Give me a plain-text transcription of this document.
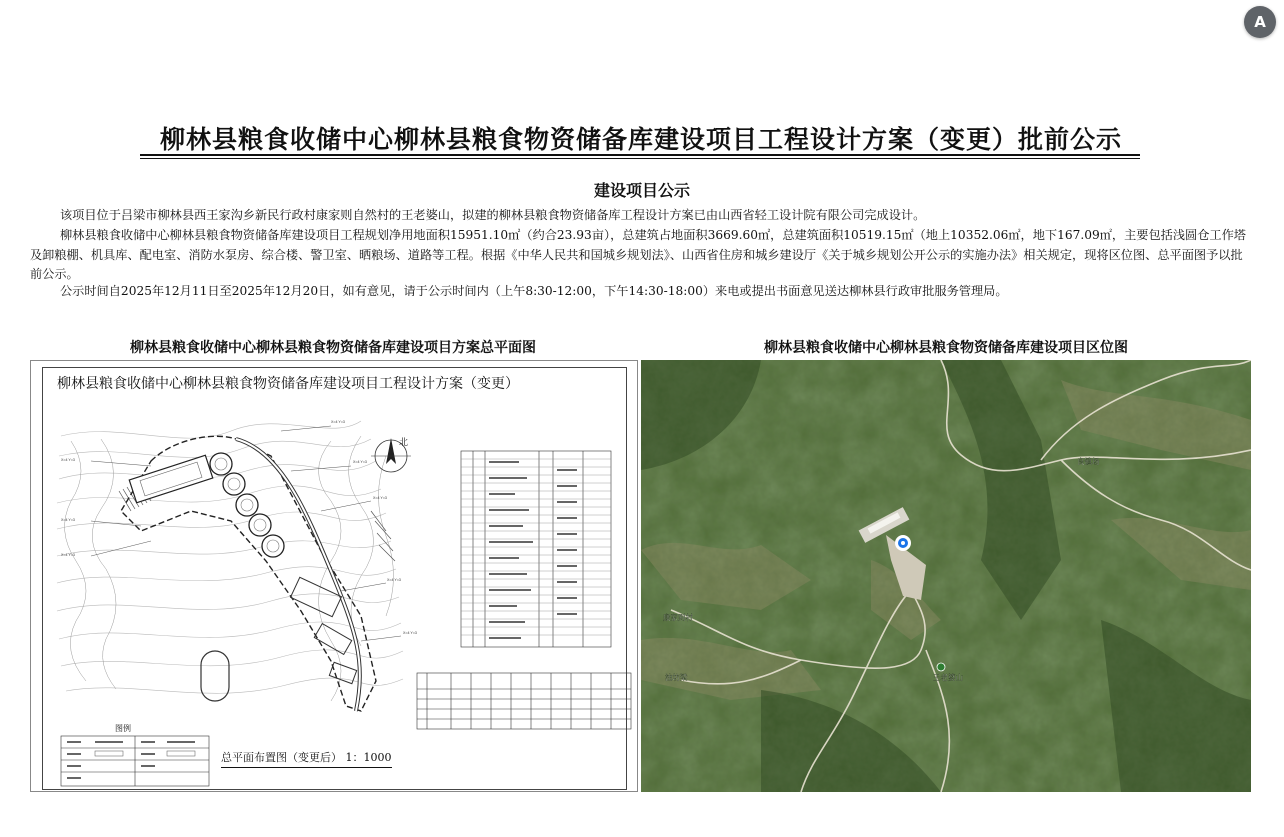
A
柳林县粮食收储中心柳林县粮食物资储备库建设项目工程设计方案（变更）批前公示
建设项目公示

该项目位于吕梁市柳林县西王家沟乡新民行政村康家则自然村的王老婆山，拟建的柳林县粮食物资储备库工程设计方案已由山西省轻工设计院有限公司完成设计。

柳林县粮食收储中心柳林县粮食物资储备库建设项目工程规划净用地面积15951.10㎡（约合23.93亩），总建筑占地面积3669.60㎡，总建筑面积10519.15㎡（地上10352.06㎡，地下167.09㎡，主要包括浅圆仓工作塔及卸粮棚、机具库、配电室、消防水泵房、综合楼、警卫室、晒粮场、道路等工程。根据《中华人民共和国城乡规划法》、山西省住房和城乡建设厅《关于城乡规划公开公示的实施办法》相关规定，现将区位图、总平面图予以批前公示。

公示时间自2025年12月11日至2025年12月20日，如有意见，请于公示时间内（上午8:30-12:00，下午14:30-18:00）来电或提出书面意见送达柳林县行政审批服务管理局。

柳林县粮食收储中心柳林县粮食物资储备库建设项目方案总平面图	柳林县粮食收储中心柳林县粮食物资储备库建设项目区位图
柳林县粮食收储中心柳林县粮食物资储备库建设项目工程设计方案（变更）
X=4 Y=3
X=4 Y=3
X=4 Y=3
X=4 Y=3
X=4 Y=3
X=4 Y=3
X=4 Y=3
X=4 Y=3
北
图例
总平面布置图（变更后） 1：1000
良镇场
康家则村
油坊梁	王老婆山
